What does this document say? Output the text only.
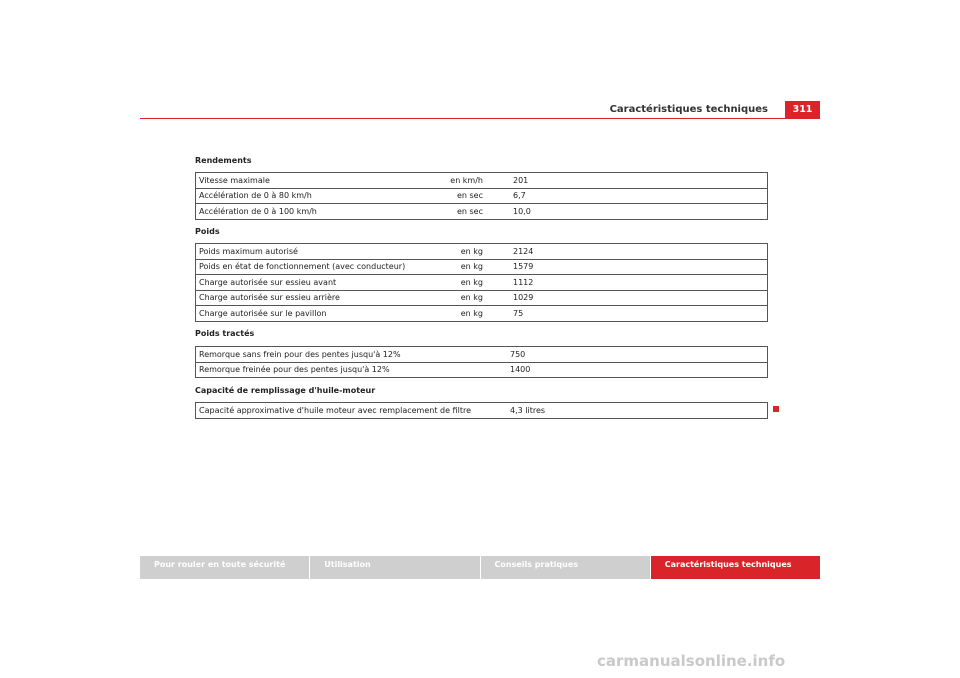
Caractéristiques techniques	311
Rendements
Vitesse maximale	en km/h	201
Accélération de 0 à 80 km/h	en sec	6,7
Accélération de 0 à 100 km/h	en sec	10,0
Poids
Poids maximum autorisé	en kg	2124
Poids en état de fonctionnement (avec conducteur)	en kg	1579
Charge autorisée sur essieu avant	en kg	1112
Charge autorisée sur essieu arrière	en kg	1029
Charge autorisée sur le pavillon	en kg	75
Poids tractés
Remorque sans frein pour des pentes jusqu'à 12%	750
Remorque freinée pour des pentes jusqu'à 12%	1400
Capacité de remplissage d'huile-moteur
Capacité approximative d'huile moteur avec remplacement de filtre	4,3 litres
Pour rouler en toute sécurité	Utilisation	Conseils pratiques	Caractéristiques techniques
carmanualsonline.info
